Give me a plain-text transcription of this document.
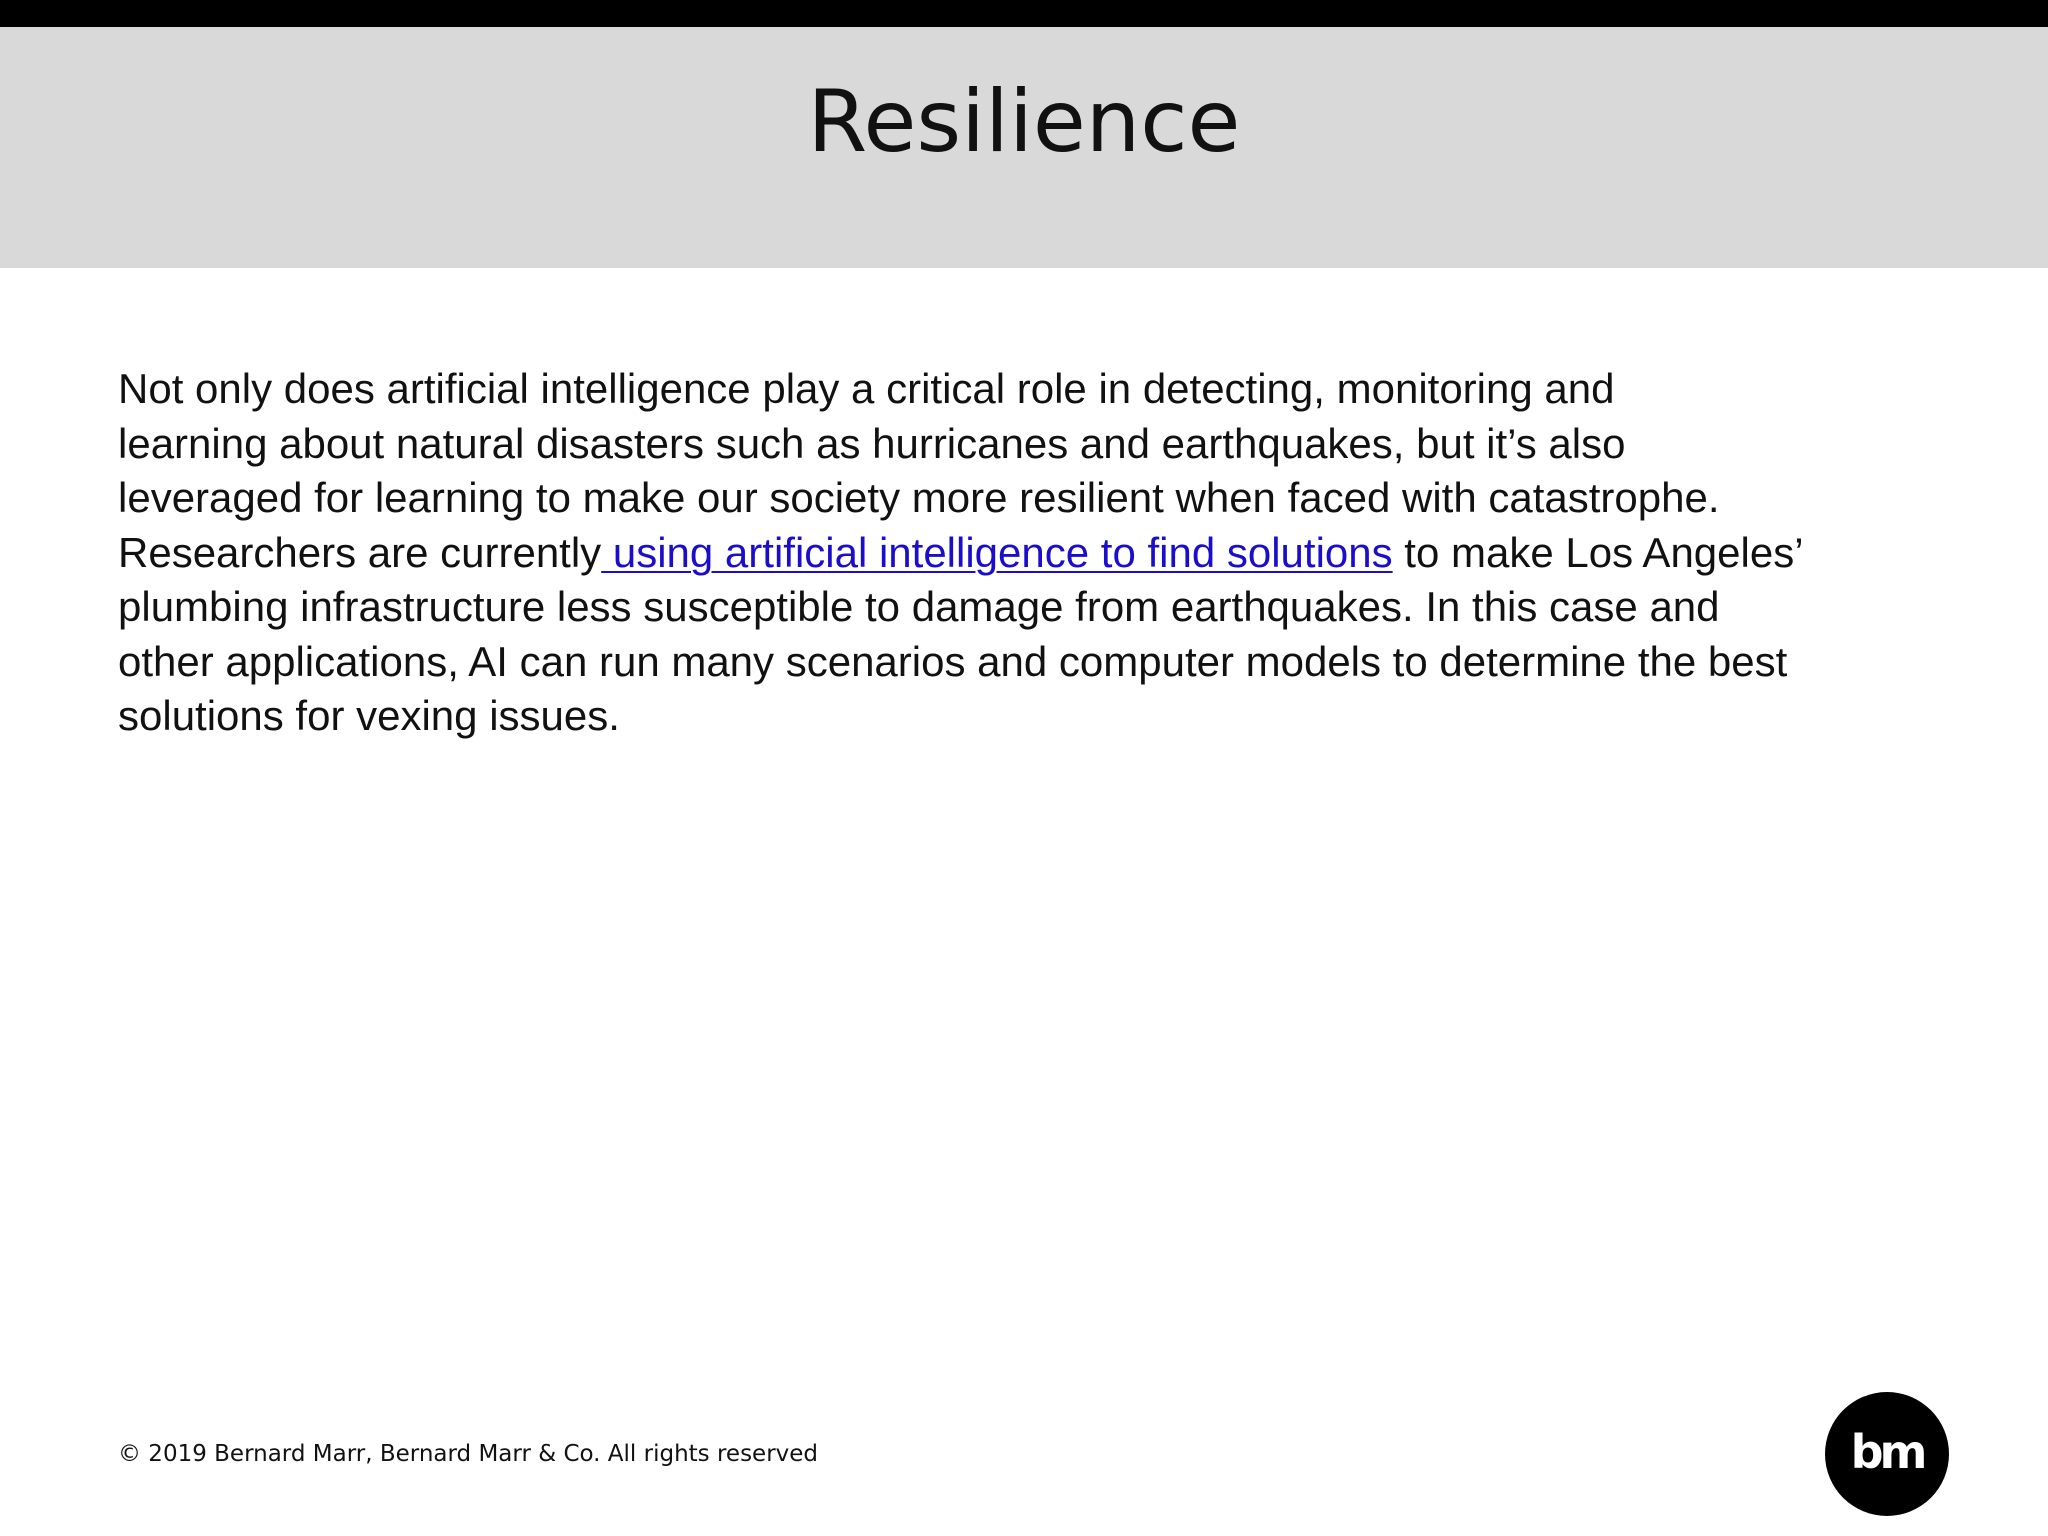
Resilience

Not only does artificial intelligence play a critical role in detecting, monitoring and
learning about natural disasters such as hurricanes and earthquakes, but it’s also
leveraged for learning to make our society more resilient when faced with catastrophe.
Researchers are currently using artificial intelligence to find solutions to make Los Angeles’
plumbing infrastructure less susceptible to damage from earthquakes. In this case and
other applications, AI can run many scenarios and computer models to determine the best
solutions for vexing issues.

© 2019 Bernard Marr, Bernard Marr & Co. All rights reserved	bm
